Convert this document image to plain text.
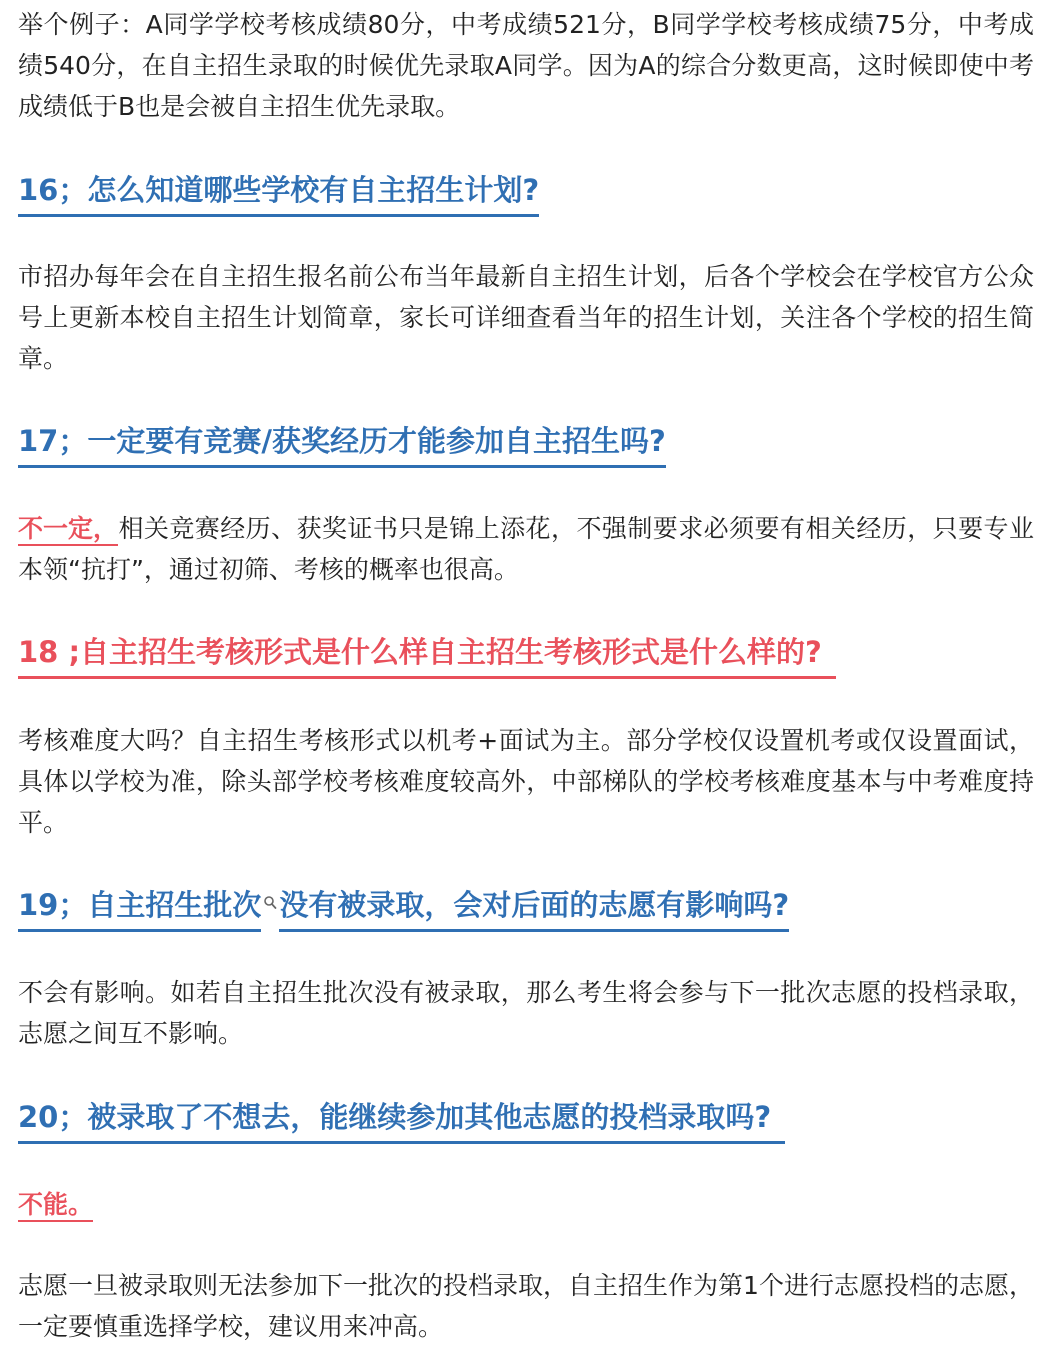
举个例子：A同学学校考核成绩80分，中考成绩521分，B同学学校考核成绩75分，中考成绩540分，在自主招生录取的时候优先录取A同学。因为A的综合分数更高，这时候即使中考成绩低于B也是会被自主招生优先录取。

16；怎么知道哪些学校有自主招生计划?

市招办每年会在自主招生报名前公布当年最新自主招生计划，后各个学校会在学校官方公众号上更新本校自主招生计划简章，家长可详细查看当年的招生计划，关注各个学校的招生简章。

17；一定要有竞赛/获奖经历才能参加自主招生吗?

不一定，相关竞赛经历、获奖证书只是锦上添花，不强制要求必须要有相关经历，只要专业本领“抗打”，通过初筛、考核的概率也很高。

18 ;自主招生考核形式是什么样自主招生考核形式是什么样的?

考核难度大吗？自主招生考核形式以机考+面试为主。部分学校仅设置机考或仅设置面试，具体以学校为准，除头部学校考核难度较高外，中部梯队的学校考核难度基本与中考难度持平。

19；自主招生批次 没有被录取，会对后面的志愿有影响吗?

不会有影响。如若自主招生批次没有被录取，那么考生将会参与下一批次志愿的投档录取，志愿之间互不影响。

20；被录取了不想去，能继续参加其他志愿的投档录取吗?

不能。

志愿一旦被录取则无法参加下一批次的投档录取，自主招生作为第1个进行志愿投档的志愿，一定要慎重选择学校，建议用来冲高。
